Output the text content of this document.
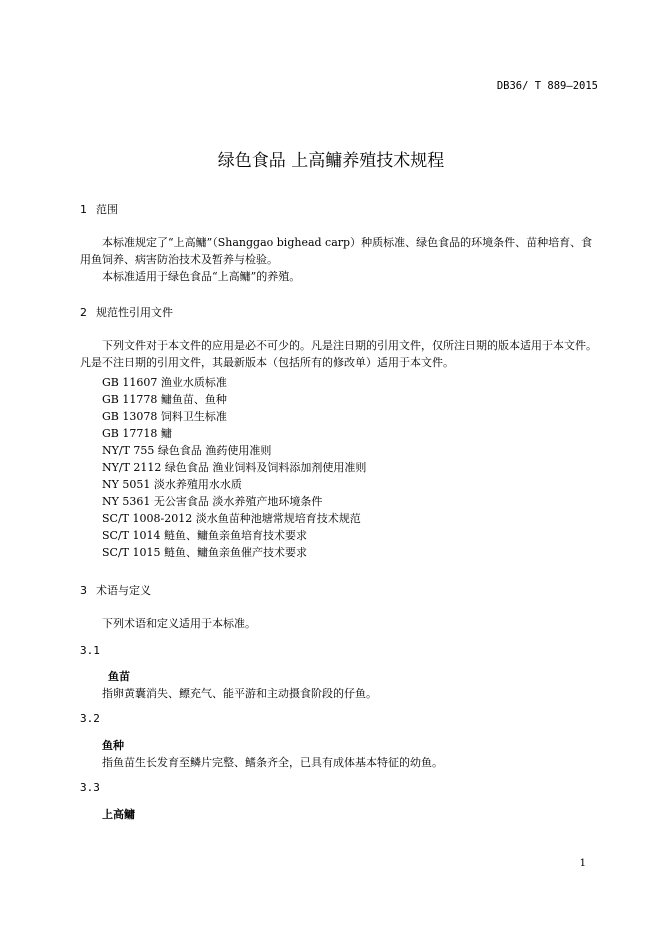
DB36/ T 889—2015
绿色食品 上高鳙养殖技术规程
1 范围

本标准规定了“上高鳙”（Shanggao bighead carp）种质标准、绿色食品的环境条件、苗种培育、食用鱼饲养、病害防治技术及暂养与检验。

本标准适用于绿色食品“上高鳙”的养殖。

2 规范性引用文件

下列文件对于本文件的应用是必不可少的。凡是注日期的引用文件，仅所注日期的版本适用于本文件。凡是不注日期的引用文件，其最新版本（包括所有的修改单）适用于本文件。

GB 11607 渔业水质标准
GB 11778 鳙鱼苗、鱼种
GB 13078 饲料卫生标准
GB 17718 鳙
NY/T 755 绿色食品 渔药使用准则
NY/T 2112 绿色食品 渔业饲料及饲料添加剂使用准则
NY 5051 淡水养殖用水水质
NY 5361 无公害食品 淡水养殖产地环境条件
SC/T 1008-2012 淡水鱼苗种池塘常规培育技术规范
SC/T 1014 鲢鱼、鳙鱼亲鱼培育技术要求
SC/T 1015 鲢鱼、鳙鱼亲鱼催产技术要求
3 术语与定义
下列术语和定义适用于本标准。
3.1
鱼苗
指卵黄囊消失、鳔充气、能平游和主动摄食阶段的仔鱼。
3.2
鱼种
指鱼苗生长发育至鳞片完整、鳍条齐全，已具有成体基本特征的幼鱼。
3.3
上高鳙
1
